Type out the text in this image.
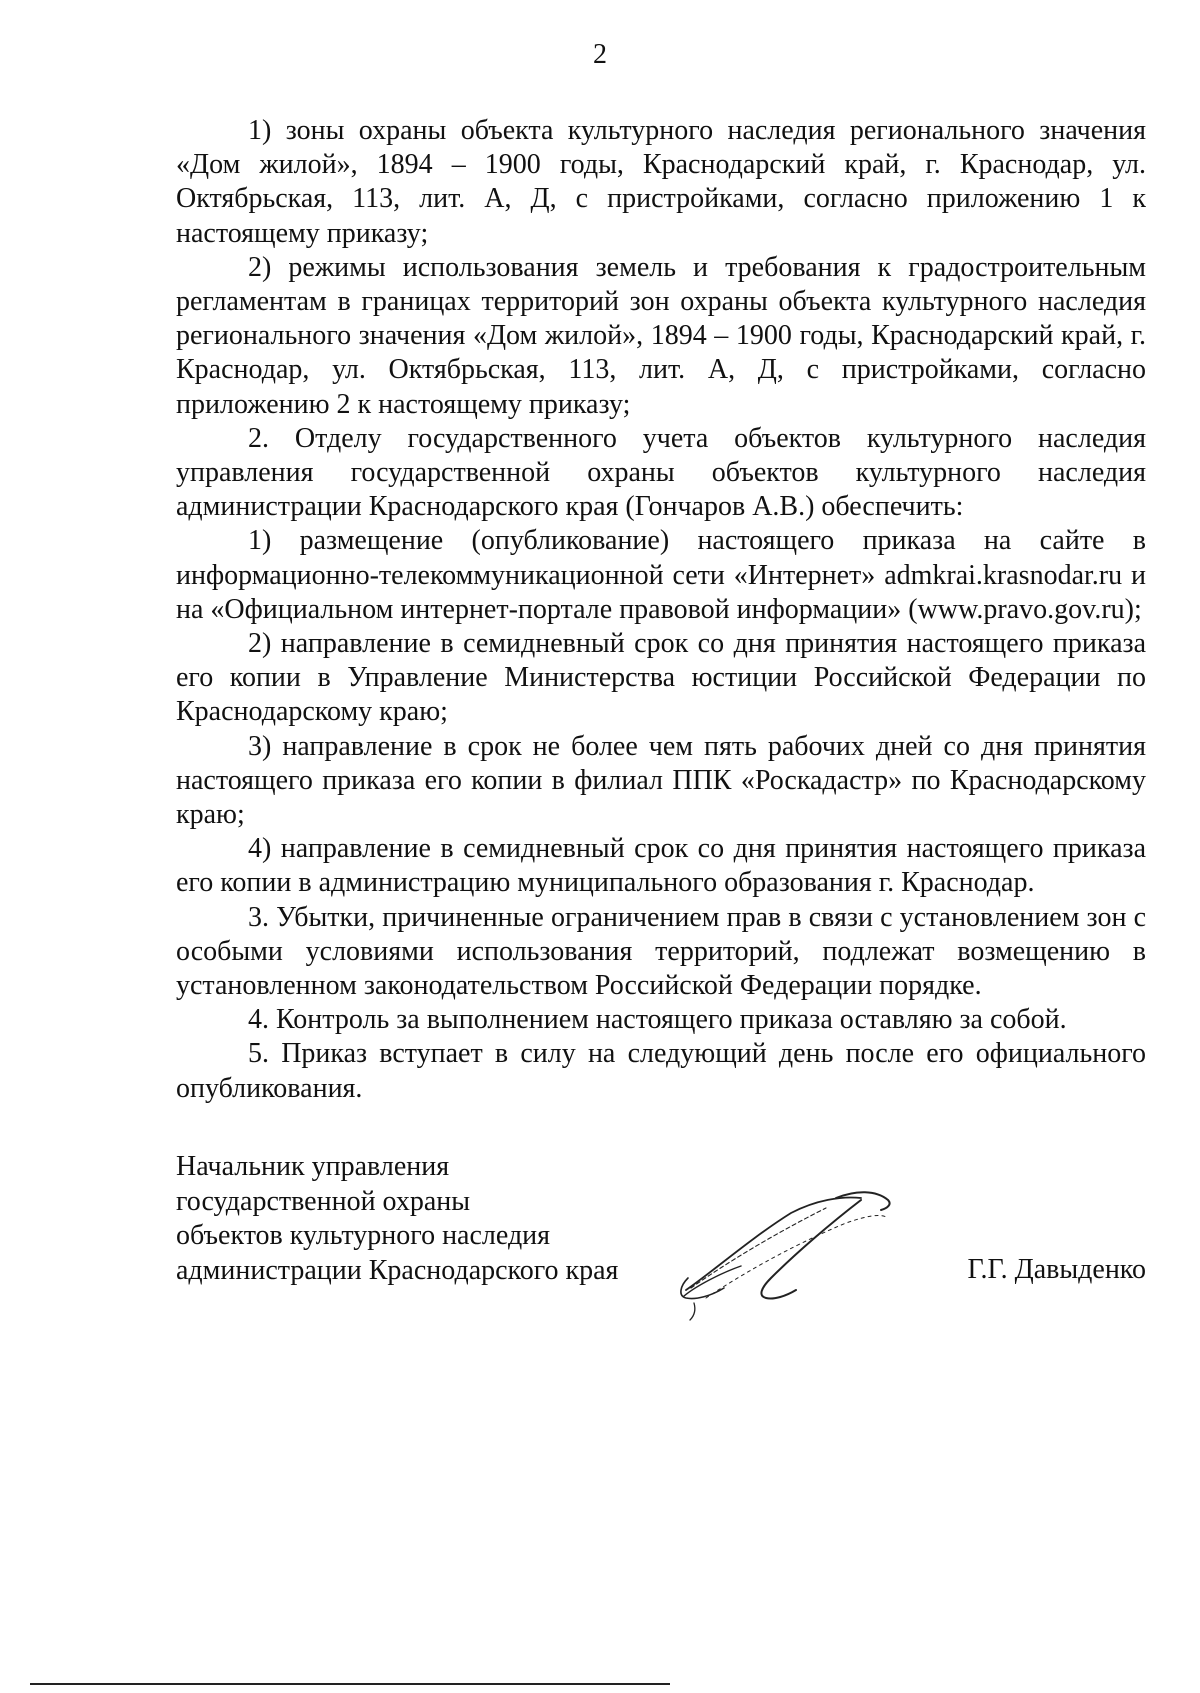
2

1) зоны охраны объекта культурного наследия регионального значения «Дом жилой», 1894 – 1900 годы, Краснодарский край, г. Краснодар, ул. Октябрьская, 113, лит. А, Д, с пристройками, согласно приложению 1 к настоящему приказу;

2) режимы использования земель и требования к градостроительным регламентам в границах территорий зон охраны объекта культурного наследия регионального значения «Дом жилой», 1894 – 1900 годы, Краснодарский край, г. Краснодар, ул. Октябрьская, 113, лит. А, Д, с пристройками, согласно приложению 2 к настоящему приказу;

2. Отделу государственного учета объектов культурного наследия управления государственной охраны объектов культурного наследия администрации Краснодарского края (Гончаров А.В.) обеспечить:

1) размещение (опубликование) настоящего приказа на сайте в информационно-телекоммуникационной сети «Интернет» admkrai.krasnodar.ru и на «Официальном интернет-портале правовой информации» (www.pravo.gov.ru);

2) направление в семидневный срок со дня принятия настоящего приказа его копии в Управление Министерства юстиции Российской Федерации по Краснодарскому краю;

3) направление в срок не более чем пять рабочих дней со дня принятия настоящего приказа его копии в филиал ППК «Роскадастр» по Краснодарскому краю;

4) направление в семидневный срок со дня принятия настоящего приказа его копии в администрацию муниципального образования г. Краснодар.

3. Убытки, причиненные ограничением прав в связи с установлением зон с особыми условиями использования территорий, подлежат возмещению в установленном законодательством Российской Федерации порядке.

4. Контроль за выполнением настоящего приказа оставляю за собой.

5. Приказ вступает в силу на следующий день после его официального опубликования.

Начальник управления
государственной охраны
объектов культурного наследия
администрации Краснодарского края	Г.Г. Давыденко
